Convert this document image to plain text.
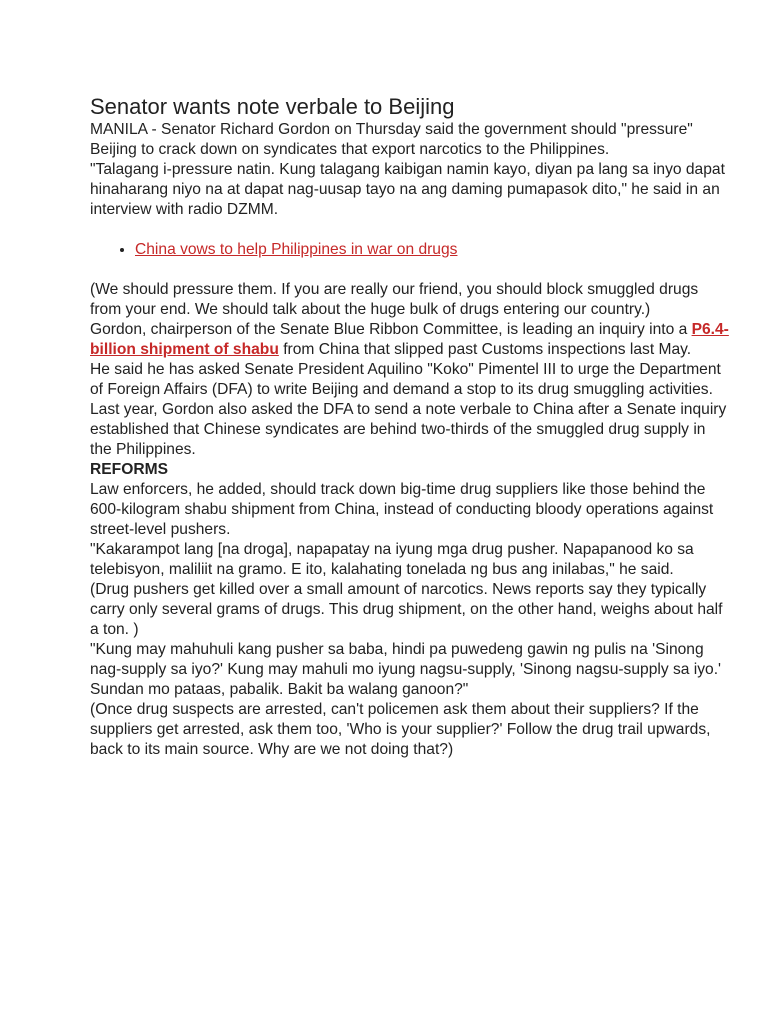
Senator wants note verbale to Beijing

MANILA - Senator Richard Gordon on Thursday said the government should "pressure" Beijing to crack down on syndicates that export narcotics to the Philippines.

"Talagang i-pressure natin. Kung talagang kaibigan namin kayo, diyan pa lang sa inyo dapat hinaharang niyo na at dapat nag-uusap tayo na ang daming pumapasok dito," he said in an interview with radio DZMM.

• China vows to help Philippines in war on drugs

(We should pressure them. If you are really our friend, you should block smuggled drugs from your end. We should talk about the huge bulk of drugs entering our country.)

Gordon, chairperson of the Senate Blue Ribbon Committee, is leading an inquiry into a P6.4-billion shipment of shabu from China that slipped past Customs inspections last May.

He said he has asked Senate President Aquilino "Koko" Pimentel III to urge the Department of Foreign Affairs (DFA) to write Beijing and demand a stop to its drug smuggling activities.

Last year, Gordon also asked the DFA to send a note verbale to China after a Senate inquiry established that Chinese syndicates are behind two-thirds of the smuggled drug supply in the Philippines.

REFORMS

Law enforcers, he added, should track down big-time drug suppliers like those behind the 600-kilogram shabu shipment from China, instead of conducting bloody operations against street-level pushers.

"Kakarampot lang [na droga], napapatay na iyung mga drug pusher. Napapanood ko sa telebisyon, maliliit na gramo. E ito, kalahating tonelada ng bus ang inilabas," he said.

(Drug pushers get killed over a small amount of narcotics. News reports say they typically carry only several grams of drugs. This drug shipment, on the other hand, weighs about half a ton. )

"Kung may mahuhuli kang pusher sa baba, hindi pa puwedeng gawin ng pulis na 'Sinong nag-supply sa iyo?' Kung may mahuli mo iyung nagsu-supply, 'Sinong nagsu-supply sa iyo.' Sundan mo pataas, pabalik. Bakit ba walang ganoon?"

(Once drug suspects are arrested, can't policemen ask them about their suppliers? If the suppliers get arrested, ask them too, 'Who is your supplier?' Follow the drug trail upwards, back to its main source. Why are we not doing that?)
